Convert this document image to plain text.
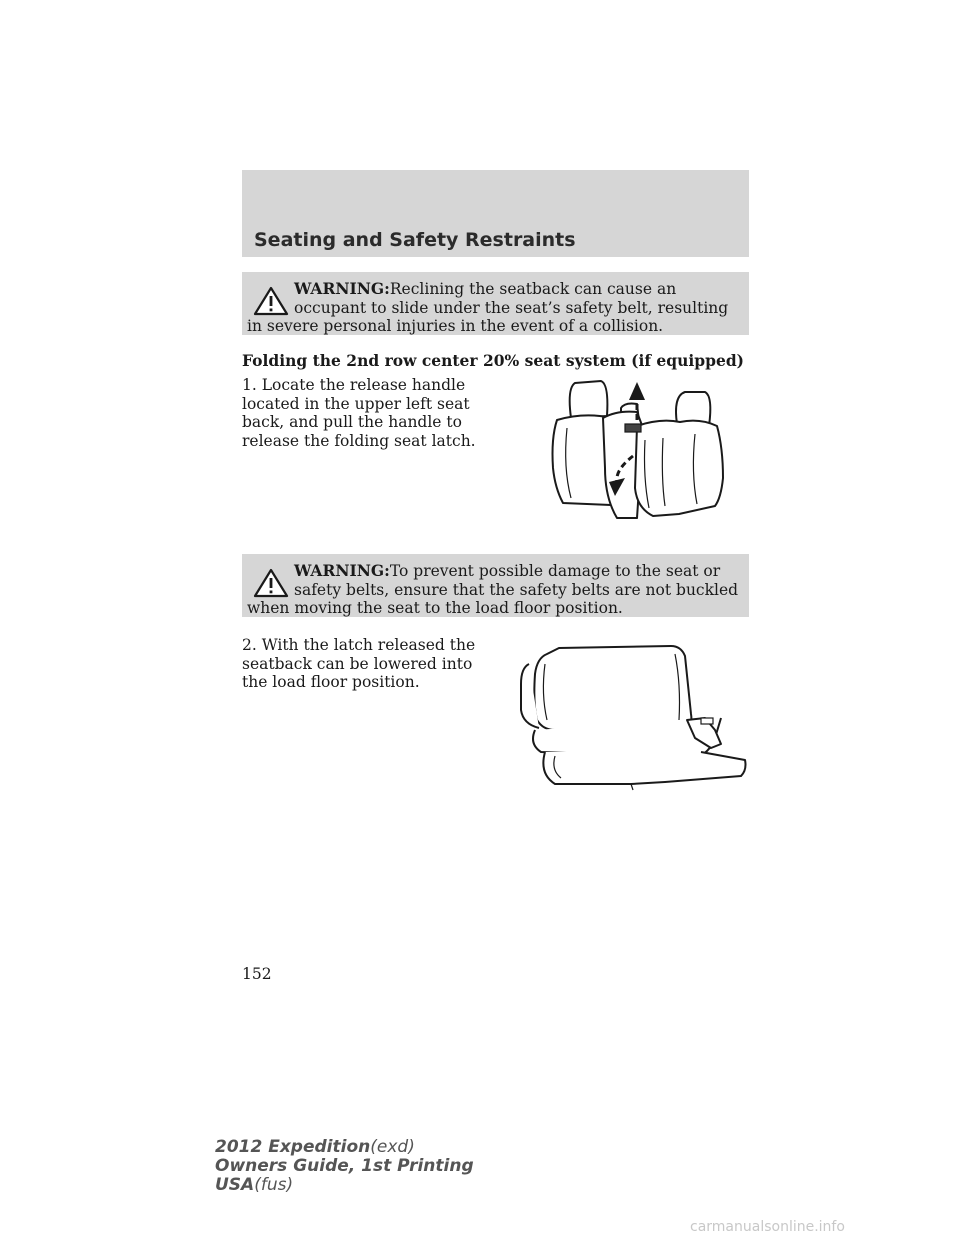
Seating and Safety Restraints
WARNING:Reclining the seatback can cause an occupant to slide under the seat’s safety belt, resulting in severe personal injuries in the event of a collision.
Folding the 2nd row center 20% seat system (if equipped)
1. Locate the release handle located in the upper left seat back, and pull the handle to release the folding seat latch.
WARNING:To prevent possible damage to the seat or safety belts, ensure that the safety belts are not buckled when moving the seat to the load floor position.
2. With the latch released the seatback can be lowered into the load floor position.
152
2012 Expedition(exd)
Owners Guide, 1st Printing
USA(fus)
carmanualsonline.info
